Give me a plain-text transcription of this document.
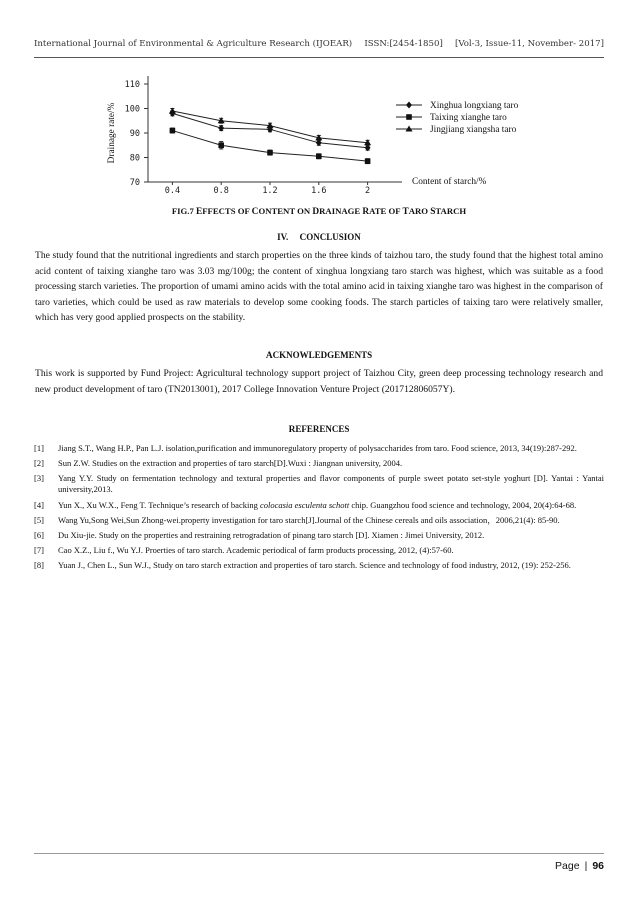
International Journal of Environmental & Agriculture Research (IJOEAR) ISSN:[2454-1850] [Vol-3, Issue-11, November- 2017]
70
80
90
100
110
0.4	0.8	1.2	1.6	2
Drainage rate/%
Content of starch/%
Xinghua longxiang taro
Taixing xianghe taro
Jingjiang xiangsha taro
FIG.7 EFFECTS OF CONTENT ON DRAINAGE RATE OF TARO STARCH
IV. CONCLUSION

The study found that the nutritional ingredients and starch properties on the three kinds of taizhou taro, the study found that the highest total amino acid content of taixing xianghe taro was 3.03 mg/100g; the content of xinghua longxiang taro starch was highest, which was suitable as a food processing starch varieties. The proportion of umami amino acids with the total amino acid in taixing xianghe taro was highest in the comparison of taro varieties, which could be used as raw materials to develop some cooking foods. The starch particles of taixing taro were relatively smaller, which has very good applied prospects on the stability.

ACKNOWLEDGEMENTS

This work is supported by Fund Project: Agricultural technology support project of Taizhou City, green deep processing technology research and new product development of taro (TN2013001), 2017 College Innovation Venture Project (201712806057Y).

REFERENCES
[1]	Jiang S.T., Wang H.P., Pan L.J. isolation,purification and immunoregulatory property of polysaccharides from taro. Food science, 2013, 34(19):287-292.
[2]	Sun Z.W. Studies on the extraction and properties of taro starch[D].Wuxi : Jiangnan university, 2004.
[3]	Yang Y.Y. Study on fermentation technology and textural properties and flavor components of purple sweet potato set-style yoghurt [D]. Yantai : Yantai university,2013.
[4]	Yun X., Xu W.X., Feng T. Technique’s research of backing colocasia esculenta schott chip. Guangzhou food science and technology, 2004, 20(4):64-68.
[5]	Wang Yu,Song Wei,Sun Zhong-wei.property investigation for taro starch[J].Journal of the Chinese cereals and oils association，2006,21(4): 85-90.
[6]	Du Xiu-jie. Study on the properties and restraining retrogradation of pinang taro starch [D]. Xiamen : Jimei University, 2012.
[7]	Cao X.Z., Liu f., Wu Y.J. Proerties of taro starch. Academic periodical of farm products processing, 2012, (4):57-60.
[8]	Yuan J., Chen L., Sun W.J., Study on taro starch extraction and properties of taro starch. Science and technology of food industry, 2012, (19): 252-256.
Page | 96
